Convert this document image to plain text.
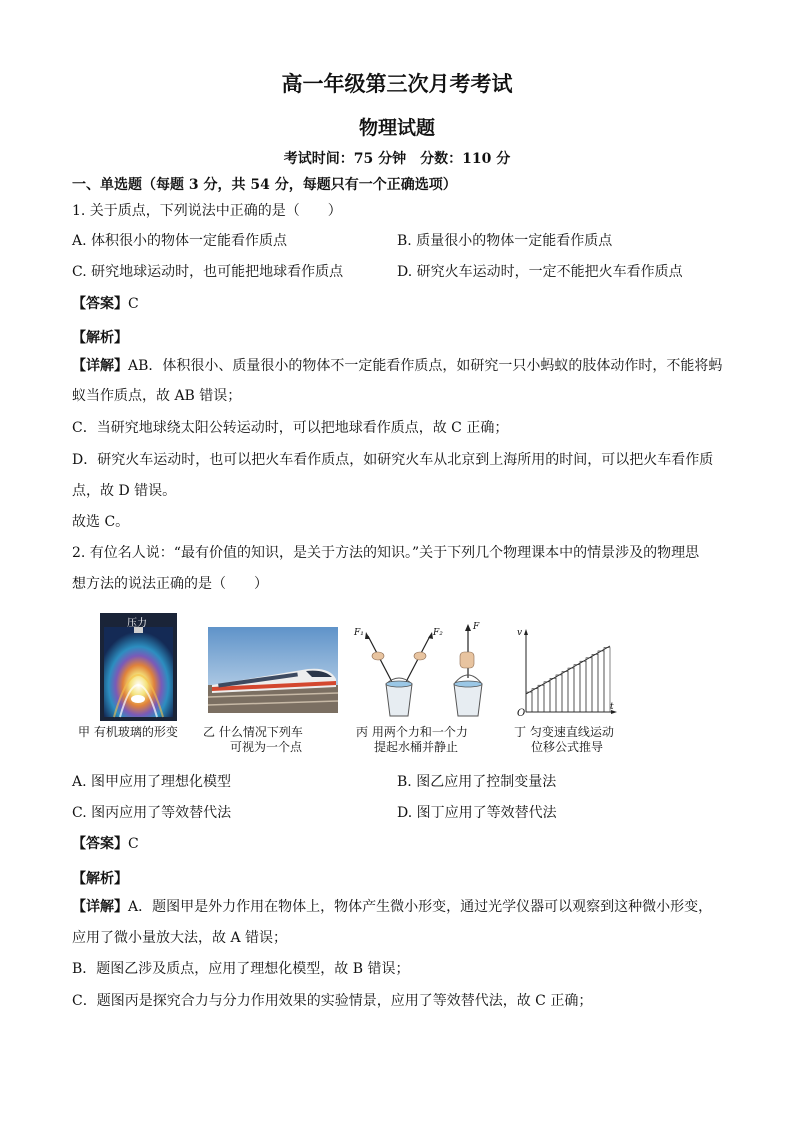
高一年级第三次月考考试
物理试题
考试时间：75 分钟　分数：110 分
一、单选题（每题 3 分，共 54 分，每题只有一个正确选项）
1. 关于质点，下列说法中正确的是（　　）
A. 体积很小的物体一定能看作质点	B. 质量很小的物体一定能看作质点
C. 研究地球运动时，也可能把地球看作质点	D. 研究火车运动时，一定不能把火车看作质点
【答案】C
【解析】
【详解】AB．体积很小、质量很小的物体不一定能看作质点，如研究一只小蚂蚁的肢体动作时，不能将蚂
蚁当作质点，故 AB 错误；
C．当研究地球绕太阳公转运动时，可以把地球看作质点，故 C 正确；
D．研究火车运动时，也可以把火车看作质点，如研究火车从北京到上海所用的时间，可以把火车看作质
点，故 D 错误。
故选 C。
2. 有位名人说：“最有价值的知识，是关于方法的知识。”关于下列几个物理课本中的情景涉及的物理思
想方法的说法正确的是（　　）
压力
甲 有机玻璃的形变 乙 什么情况下列车
可视为一个点
F₁	F₂
F
丙 用两个力和一个力
提起水桶并静止
v
t
O
丁 匀变速直线运动
位移公式推导
A. 图甲应用了理想化模型	B. 图乙应用了控制变量法
C. 图丙应用了等效替代法	D. 图丁应用了等效替代法
【答案】C
【解析】
【详解】A．题图甲是外力作用在物体上，物体产生微小形变，通过光学仪器可以观察到这种微小形变，
应用了微小量放大法，故 A 错误；
B．题图乙涉及质点，应用了理想化模型，故 B 错误；
C．题图丙是探究合力与分力作用效果的实验情景，应用了等效替代法，故 C 正确；
